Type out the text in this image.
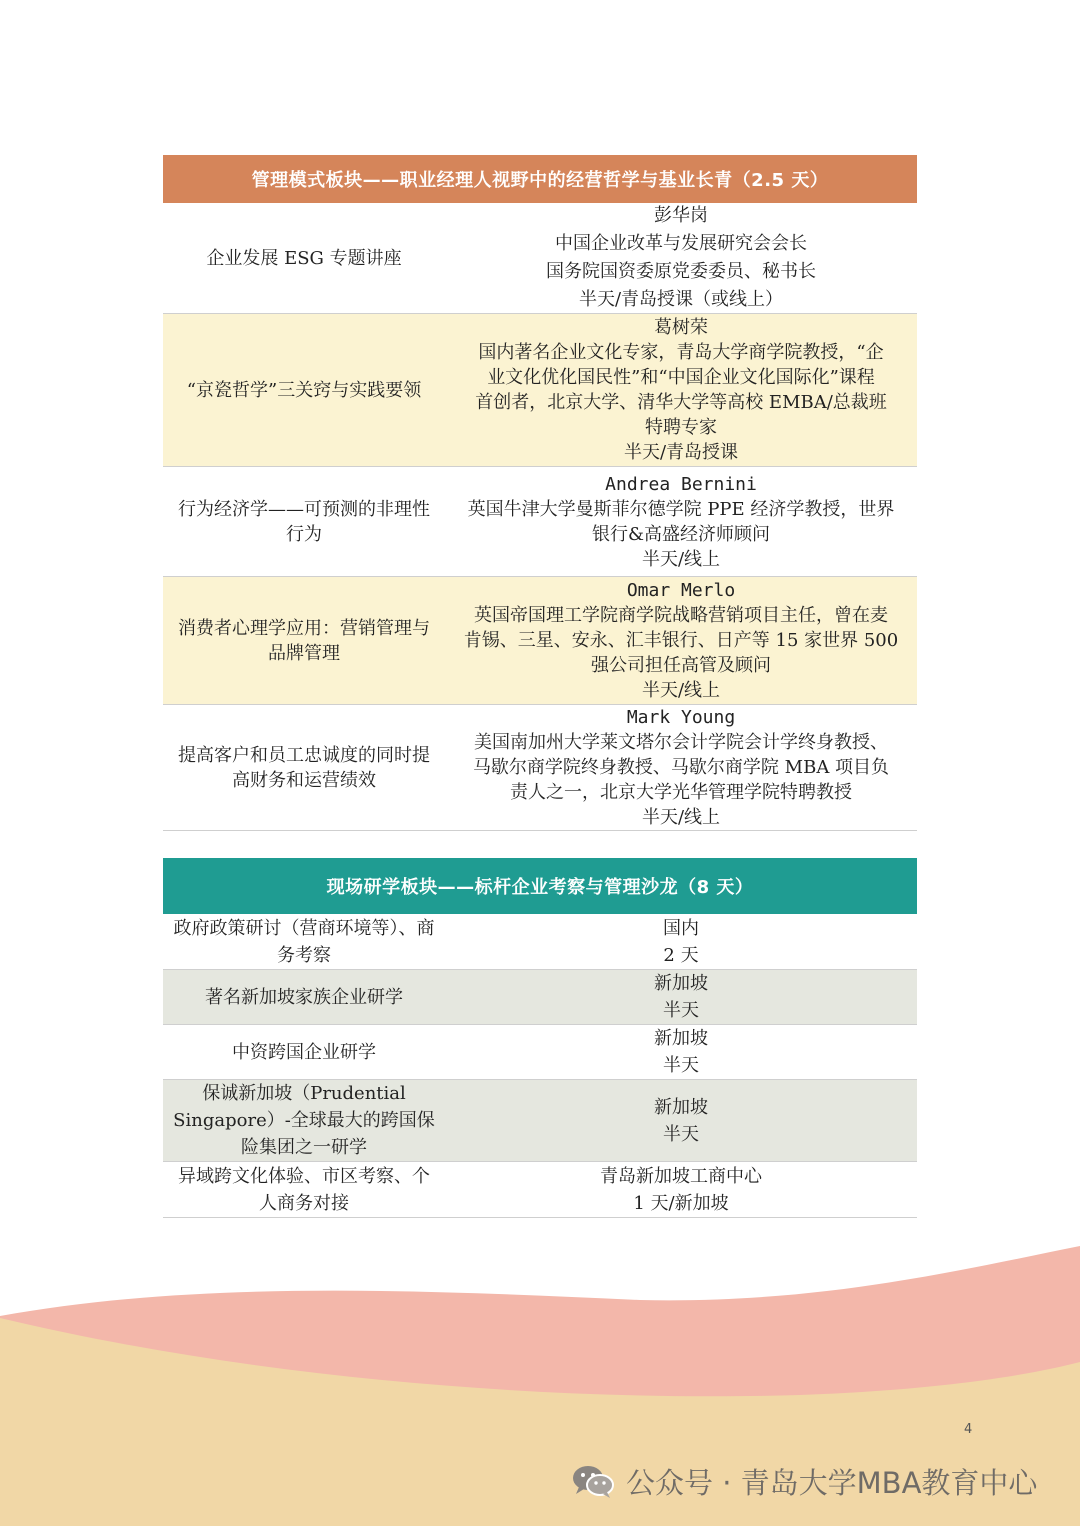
管理模式板块——职业经理人视野中的经营哲学与基业长青（2.5 天）
企业发展 ESG 专题讲座
彭华岗
中国企业改革与发展研究会会长
国务院国资委原党委委员、秘书长
半天/青岛授课（或线上）
“京瓷哲学”三关窍与实践要领
葛树荣
国内著名企业文化专家，青岛大学商学院教授，“企
业文化优化国民性”和“中国企业文化国际化”课程
首创者，北京大学、清华大学等高校 EMBA/总裁班
特聘专家
半天/青岛授课
行为经济学——可预测的非理性行为
Andrea Bernini
英国牛津大学曼斯菲尔德学院 PPE 经济学教授，世界
银行&高盛经济师顾问
半天/线上
消费者心理学应用：营销管理与品牌管理
Omar Merlo
英国帝国理工学院商学院战略营销项目主任，曾在麦
肯锡、三星、安永、汇丰银行、日产等 15 家世界 500
强公司担任高管及顾问
半天/线上
提高客户和员工忠诚度的同时提高财务和运营绩效
Mark Young
美国南加州大学莱文塔尔会计学院会计学终身教授、
马歇尔商学院终身教授、马歇尔商学院 MBA 项目负
责人之一，北京大学光华管理学院特聘教授
半天/线上
现场研学板块——标杆企业考察与管理沙龙（8 天）
政府政策研讨（营商环境等）、商务考察
国内
2 天
著名新加坡家族企业研学
新加坡
半天
中资跨国企业研学
新加坡
半天
保诚新加坡（Prudential Singapore）-全球最大的跨国保险集团之一研学
新加坡
半天
异域跨文化体验、市区考察、个人商务对接
青岛新加坡工商中心
1 天/新加坡
4
公众号 · 青岛大学MBA教育中心
